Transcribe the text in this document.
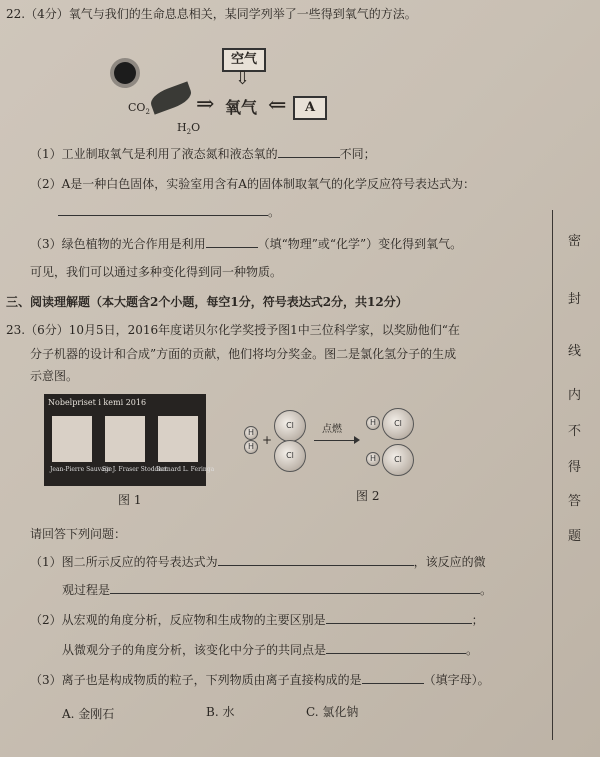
22.（4分）氧气与我们的生命息息相关，某同学列举了一些得到氧气的方法。
空气
⇩
$CO_2$
$H_2O$
⇒ 氧气 ⇐	A
（1）工业制取氧气是利用了液态氮和液态氧的	不同；
（2）A是一种白色固体，实验室用含有A的固体制取氧气的化学反应符号表达式为：
。
（3）绿色植物的光合作用是利用	（填“物理”或“化学”）变化得到氧气。
可见，我们可以通过多种变化得到同一种物质。
三、阅读理解题（本大题含2个小题，每空1分，符号表达式2分，共12分）
23.（6分）10月5日，2016年度诺贝尔化学奖授予图1中三位科学家，以奖励他们“在
分子机器的设计和合成”方面的贡献，他们将均分奖金。图二是氯化氢分子的生成
示意图。
Nobelpriset i kemi 2016
Jean-Pierre Sauvage
Sir J. Fraser Stoddart
Bernard L. Feringa
图 1
H
H +
Cl
Cl
点燃
H	Cl
H	Cl
图 2
请回答下列问题：
（1）图二所示反应的符号表达式为	，该反应的微
观过程是	。
（2）从宏观的角度分析，反应物和生成物的主要区别是	；
从微观分子的角度分析，该变化中分子的共同点是	。
（3）离子也是构成物质的粒子，下列物质由离子直接构成的是	（填字母）。
A. 金刚石	B. 水	C. 氯化钠
密
封
线
内
不
得
答
题
